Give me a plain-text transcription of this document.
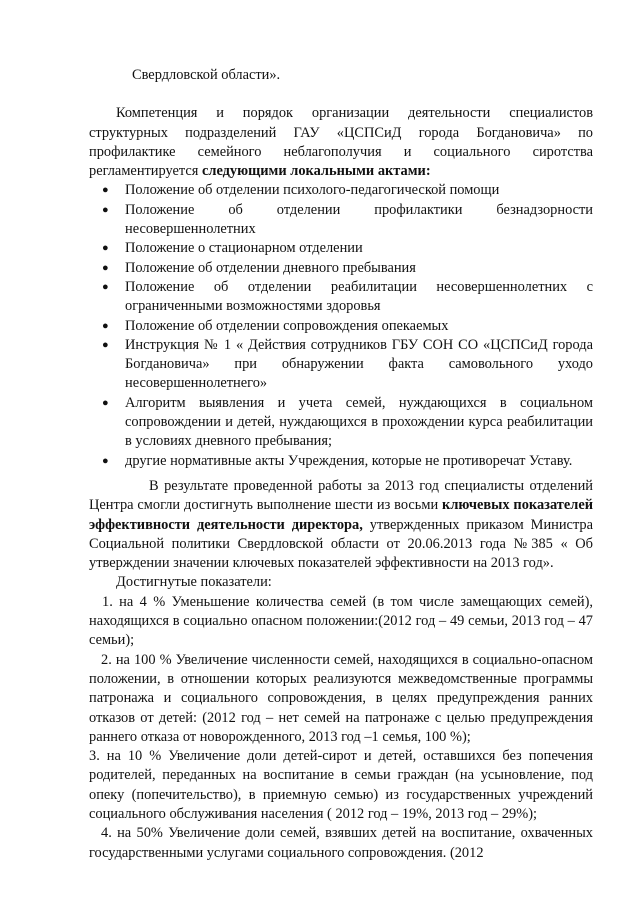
Свердловской области».

Компетенция и порядок организации деятельности специалистов структурных подразделений ГАУ «ЦСПСиД города Богдановича» по профилактике семейного неблагополучия и социального сиротства регламентируется следующими локальными актами:

● Положение об отделении психолого-педагогической помощи
● Положение об отделении профилактики безнадзорности несовершеннолетних
● Положение о стационарном отделении
● Положение об отделении дневного пребывания
● Положение об отделении реабилитации несовершеннолетних с ограниченными возможностями здоровья
● Положение об отделении сопровождения опекаемых
● Инструкция № 1 « Действия сотрудников ГБУ СОН СО «ЦСПСиД города Богдановича» при обнаружении факта самовольного уходо несовершеннолетнего»
● Алгоритм выявления и учета семей, нуждающихся в социальном сопровождении и детей, нуждающихся в прохождении курса реабилитации в условиях дневного пребывания;
● другие нормативные акты Учреждения, которые не противоречат Уставу.

В результате проведенной работы за 2013 год специалисты отделений Центра смогли достигнуть выполнение шести из восьми ключевых показателей эффективности деятельности директора, утвержденных приказом Министра Социальной политики Свердловской области от 20.06.2013 года №385 « Об утверждении значении ключевых показателей эффективности на 2013 год».

Достигнутые показатели:

1. на 4 % Уменьшение количества семей (в том числе замещающих семей), находящихся в социально опасном положении:(2012 год – 49 семьи, 2013 год – 47 семьи);

2. на 100 % Увеличение численности семей, находящихся в социально-опасном положении, в отношении которых реализуются межведомственные программы патронажа и социального сопровождения, в целях предупреждения ранних отказов от детей: (2012 год – нет семей на патронаже с целью предупреждения раннего отказа от новорожденного, 2013 год –1 семья, 100 %);

3. на 10 % Увеличение доли детей-сирот и детей, оставшихся без попечения родителей, переданных на воспитание в семьи граждан (на усыновление, под опеку (попечительство), в приемную семью) из государственных учреждений социального обслуживания населения ( 2012 год – 19%, 2013 год – 29%);

4. на 50% Увеличение доли семей, взявших детей на воспитание, охваченных государственными услугами социального сопровождения. (2012
